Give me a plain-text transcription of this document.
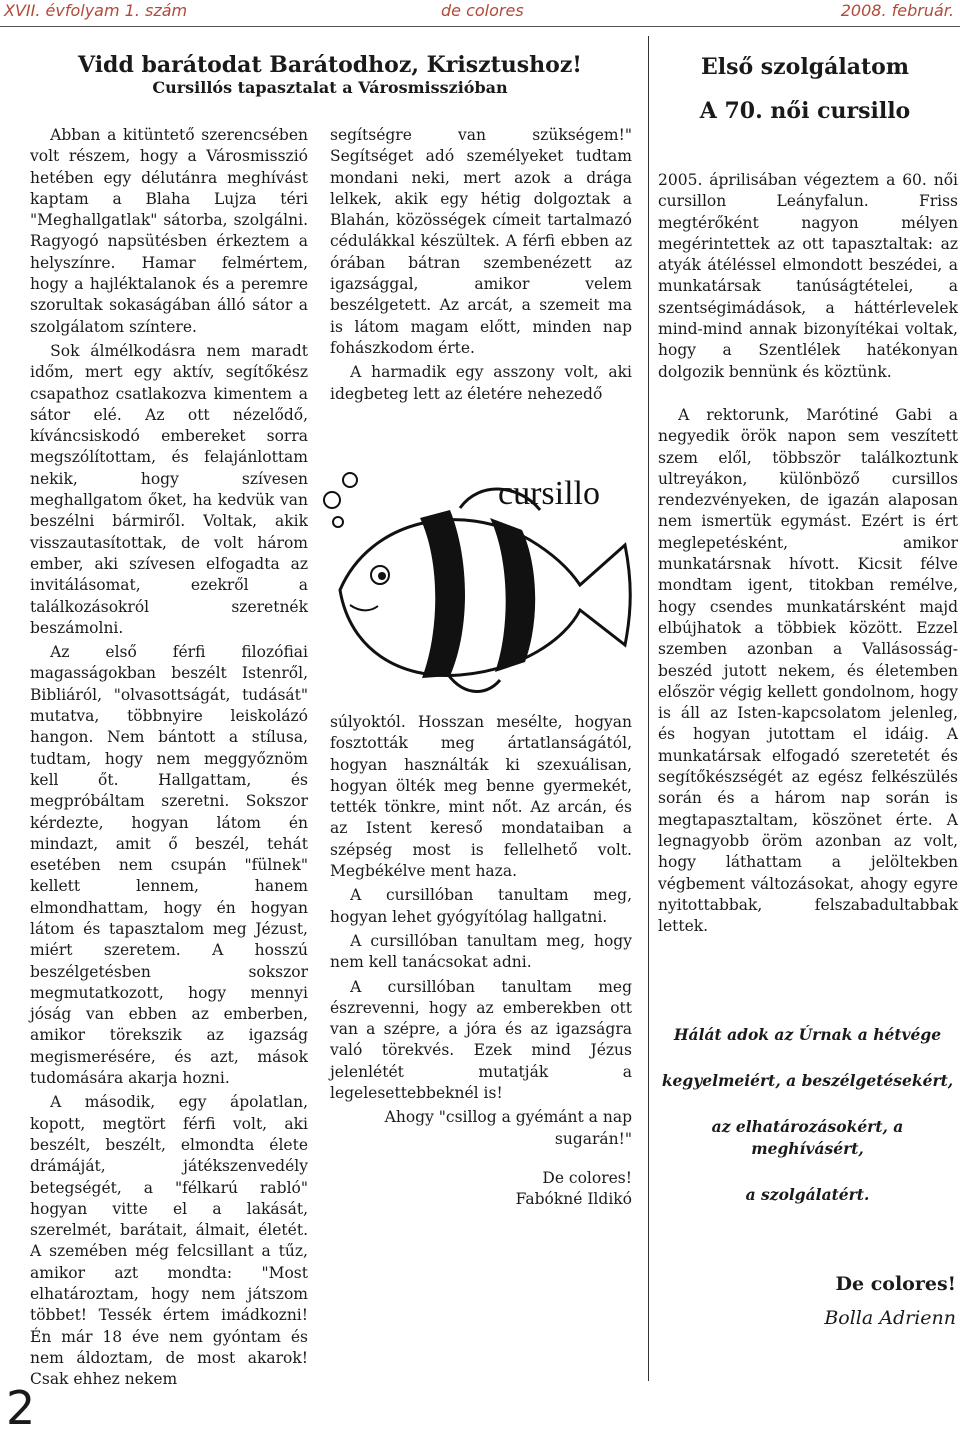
XVII. évfolyam 1. szám	de colores	2008. február.
Vidd barátodat Barátodhoz, Krisztushoz!
Cursillós tapasztalat a Városmisszióban

Abban a kitüntető szerencsében volt részem, hogy a Városmisszió hetében egy délutánra meghívást kaptam a Blaha Lujza téri "Meghallgatlak" sátorba, szolgálni. Ragyogó napsütésben érkeztem a helyszínre. Hamar felmértem, hogy a hajléktalanok és a peremre szorultak sokaságában álló sátor a szolgálatom színtere.

Sok álmélkodásra nem maradt időm, mert egy aktív, segítőkész csapathoz csatlakozva kimentem a sátor elé. Az ott nézelődő, kíváncsiskodó embereket sorra megszólítottam, és felajánlottam nekik, hogy szívesen meghallgatom őket, ha kedvük van beszélni bármiről. Voltak, akik visszautasítottak, de volt három ember, aki szívesen elfogadta az invitálásomat, ezekről a találkozásokról szeretnék beszámolni.

Az első férfi filozófiai magasságokban beszélt Istenről, Bibliáról, "olvasottságát, tudását" mutatva, többnyire leiskolázó hangon. Nem bántott a stílusa, tudtam, hogy nem meggyőznöm kell őt. Hallgattam, és megpróbáltam szeretni. Sokszor kérdezte, hogyan látom én mindazt, amit ő beszél, tehát esetében nem csupán "fülnek" kellett lennem, hanem elmondhattam, hogy én hogyan látom és tapasztalom meg Jézust, miért szeretem. A hosszú beszélgetésben sokszor megmutatkozott, hogy mennyi jóság van ebben az emberben, amikor törekszik az igazság megismerésére, és azt, mások tudomására akarja hozni.

A második, egy ápolatlan, kopott, megtört férfi volt, aki beszélt, beszélt, elmondta élete drámáját, játékszenvedély betegségét, a "félkarú rabló" hogyan vitte el a lakását, szerelmét, barátait, álmait, életét. A szemében még felcsillant a tűz, amikor azt mondta: "Most elhatároztam, hogy nem játszom többet! Tessék értem imádkozni! Én már 18 éve nem gyóntam és nem áldoztam, de most akarok! Csak ehhez nekem

segítségre van szükségem!" Segítséget adó személyeket tudtam mondani neki, mert azok a drága lelkek, akik egy hétig dolgoztak a Blahán, közösségek címeit tartalmazó cédulákkal készültek. A férfi ebben az órában bátran szembenézett az igazsággal, amikor velem beszélgetett. Az arcát, a szemeit ma is látom magam előtt, minden nap fohászkodom érte.

A harmadik egy asszony volt, aki idegbeteg lett az életére nehezedő

cursillo

súlyoktól. Hosszan mesélte, hogyan fosztották meg ártatlanságától, hogyan használták ki szexuálisan, hogyan ölték meg benne gyermekét, tették tönkre, mint nőt. Az arcán, és az Istent kereső mondataiban a szépség most is fellelhető volt. Megbékélve ment haza.

A cursillóban tanultam meg, hogyan lehet gyógyítólag hallgatni.

A cursillóban tanultam meg, hogy nem kell tanácsokat adni.

A cursillóban tanultam meg észrevenni, hogy az emberekben ott van a szépre, a jóra és az igazságra való törekvés. Ezek mind Jézus jelenlétét mutatják a legelesettebbeknél is!

Ahogy "csillog a gyémánt a nap sugarán!"

De colores!
Fabókné Ildikó
Első szolgálatom
A 70. női cursillo

2005. áprilisában végeztem a 60. női cursillon Leányfalun. Friss megtérőként nagyon mélyen megérintettek az ott tapasztaltak: az atyák átéléssel elmondott beszédei, a munkatársak tanúságtételei, a szentségimádások, a háttérlevelek mind-mind annak bizonyítékai voltak, hogy a Szentlélek hatékonyan dolgozik bennünk és köztünk.

A rektorunk, Marótiné Gabi a negyedik örök napon sem veszített szem elől, többször találkoztunk ultreyákon, különböző cursillos rendezvényeken, de igazán alaposan nem ismertük egymást. Ezért is ért meglepetésként, amikor munkatársnak hívott. Kicsit félve mondtam igent, titokban remélve, hogy csendes munkatársként majd elbújhatok a többiek között. Ezzel szemben azonban a Vallásosság-beszéd jutott nekem, és életemben először végig kellett gondolnom, hogy is áll az Isten-kapcsolatom jelenleg, és hogyan jutottam el idáig. A munkatársak elfogadó szeretetét és segítőkészségét az egész felkészülés során és a három nap során is megtapasztaltam, köszönet érte. A legnagyobb öröm azonban az volt, hogy láthattam a jelöltekben végbement változásokat, ahogy egyre nyitottabbak, felszabadultabbak lettek.

Hálát adok az Úrnak a hétvége
kegyelmeiért, a beszélgetésekért,
az elhatározásokért, a meghívásért,
a szolgálatért.
De colores!
Bolla Adrienn
2
